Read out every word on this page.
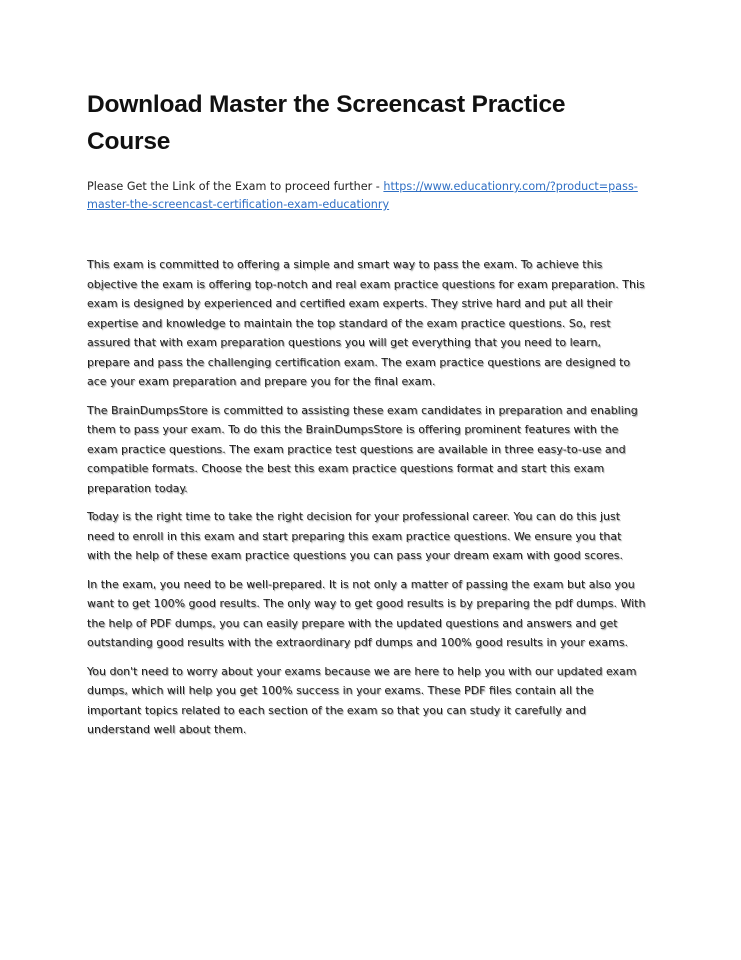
Download Master the Screencast Practice Course

Please Get the Link of the Exam to proceed further - https://www.educationry.com/?product=pass-master-the-screencast-certification-exam-educationry

This exam is committed to offering a simple and smart way to pass the exam. To achieve this objective the exam is offering top-notch and real exam practice questions for exam preparation. This exam is designed by experienced and certified exam experts. They strive hard and put all their expertise and knowledge to maintain the top standard of the exam practice questions. So, rest assured that with exam preparation questions you will get everything that you need to learn, prepare and pass the challenging certification exam. The exam practice questions are designed to ace your exam preparation and prepare you for the final exam.

The BrainDumpsStore is committed to assisting these exam candidates in preparation and enabling them to pass your exam. To do this the BrainDumpsStore is offering prominent features with the exam practice questions. The exam practice test questions are available in three easy-to-use and compatible formats. Choose the best this exam practice questions format and start this exam preparation today.

Today is the right time to take the right decision for your professional career. You can do this just need to enroll in this exam and start preparing this exam practice questions. We ensure you that with the help of these exam practice questions you can pass your dream exam with good scores.

In the exam, you need to be well-prepared. It is not only a matter of passing the exam but also you want to get 100% good results. The only way to get good results is by preparing the pdf dumps. With the help of PDF dumps, you can easily prepare with the updated questions and answers and get outstanding good results with the extraordinary pdf dumps and 100% good results in your exams.

You don't need to worry about your exams because we are here to help you with our updated exam dumps, which will help you get 100% success in your exams. These PDF files contain all the important topics related to each section of the exam so that you can study it carefully and understand well about them.
